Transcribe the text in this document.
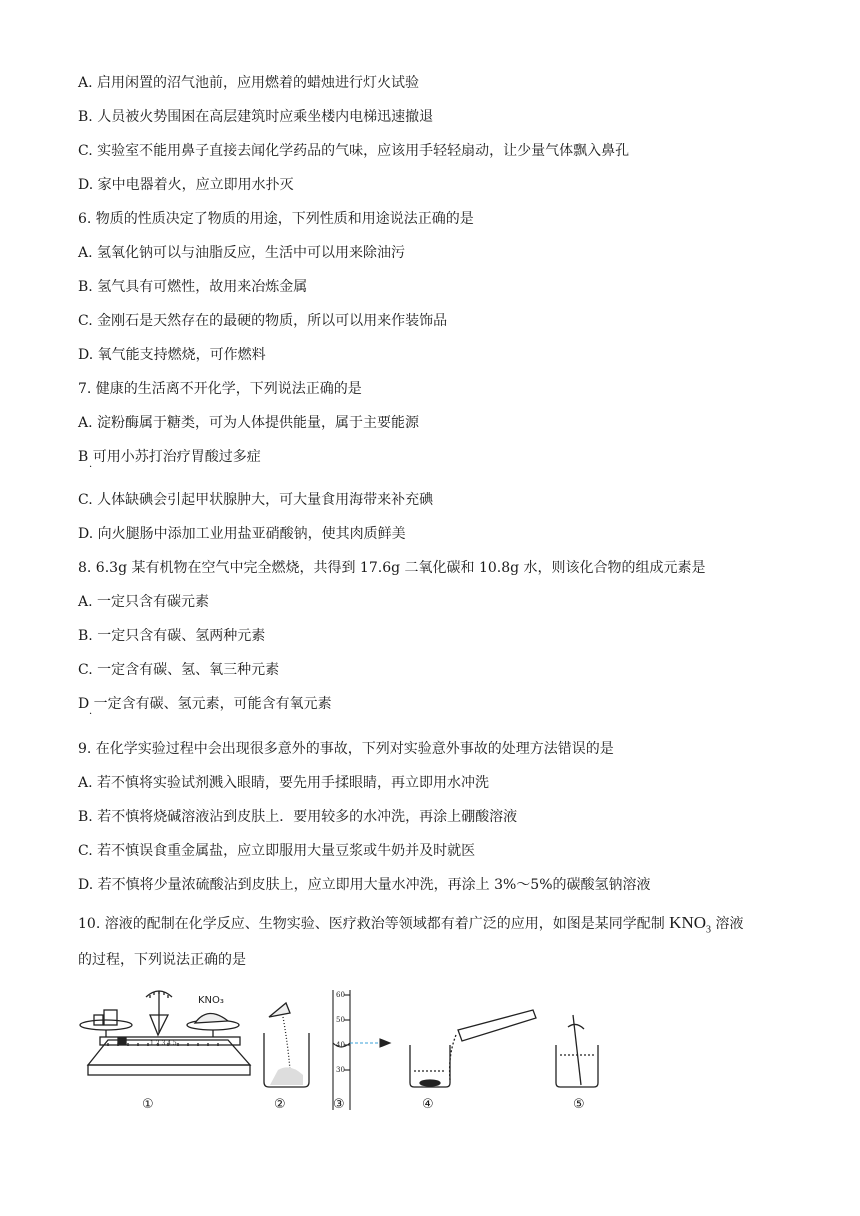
A. 启用闲置的沼气池前，应用燃着的蜡烛进行灯火试验
B. 人员被火势围困在高层建筑时应乘坐楼内电梯迅速撤退
C. 实验室不能用鼻子直接去闻化学药品的气味，应该用手轻轻扇动，让少量气体飘入鼻孔
D. 家中电器着火，应立即用水扑灭
6. 物质的性质决定了物质的用途，下列性质和用途说法正确的是
A. 氢氧化钠可以与油脂反应，生活中可以用来除油污
B. 氢气具有可燃性，故用来冶炼金属
C. 金刚石是天然存在的最硬的物质，所以可以用来作装饰品
D. 氧气能支持燃烧，可作燃料
7. 健康的生活离不开化学，下列说法正确的是
A. 淀粉酶属于糖类，可为人体提供能量，属于主要能源
B 可用小苏打治疗胃酸过多症
·
C. 人体缺碘会引起甲状腺肿大，可大量食用海带来补充碘
D. 向火腿肠中添加工业用盐亚硝酸钠，使其肉质鲜美
8. 6.3g 某有机物在空气中完全燃烧，共得到 17.6g 二氧化碳和 10.8g 水，则该化合物的组成元素是
A. 一定只含有碳元素
B. 一定只含有碳、氢两种元素
C. 一定含有碳、氢、氧三种元素
D 一定含有碳、氢元素，可能含有氧元素
·
9. 在化学实验过程中会出现很多意外的事故，下列对实验意外事故的处理方法错误的是
A. 若不慎将实验试剂溅入眼睛，要先用手揉眼睛，再立即用水冲洗
B. 若不慎将烧碱溶液沾到皮肤上．要用较多的水冲洗，再涂上硼酸溶液
C. 若不慎误食重金属盐，应立即服用大量豆浆或牛奶并及时就医
D. 若不慎将少量浓硫酸沾到皮肤上，应立即用大量水冲洗，再涂上 3%～5%的碳酸氢钠溶液
10. 溶液的配制在化学反应、生物实验、医疗救治等领域都有着广泛的应用，如图是某同学配制 $KNO_3$ 溶液
的过程，下列说法正确的是
KNO₃
1 2 3 4 5
60
50
40
30
①	②	③	④	⑤
